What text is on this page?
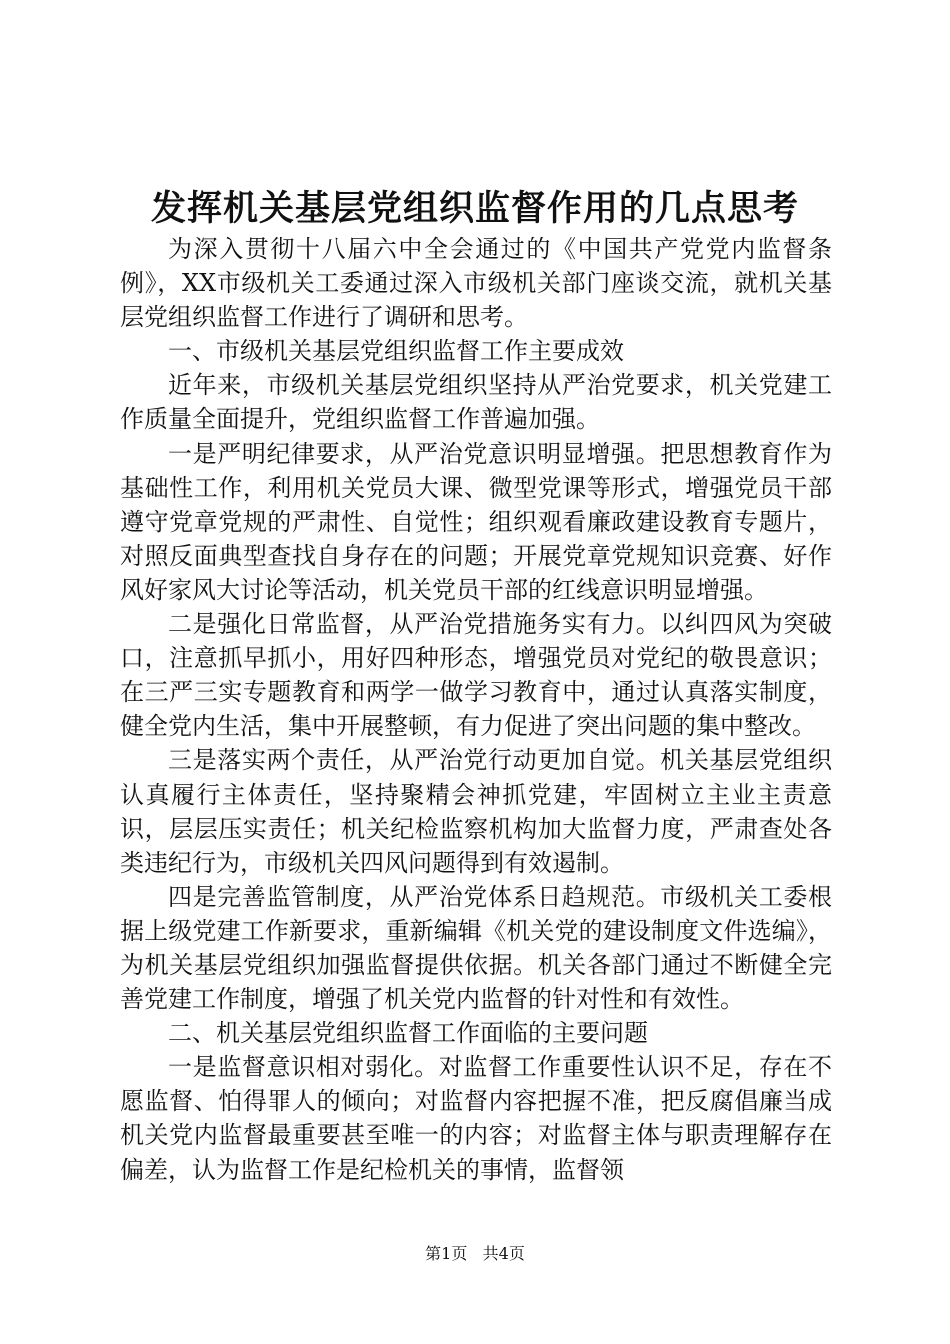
发挥机关基层党组织监督作用的几点思考

为深入贯彻十八届六中全会通过的《中国共产党党内监督条例》，XX市级机关工委通过深入市级机关部门座谈交流，就机关基层党组织监督工作进行了调研和思考。

一、市级机关基层党组织监督工作主要成效

近年来，市级机关基层党组织坚持从严治党要求，机关党建工作质量全面提升，党组织监督工作普遍加强。

一是严明纪律要求，从严治党意识明显增强。把思想教育作为基础性工作，利用机关党员大课、微型党课等形式，增强党员干部遵守党章党规的严肃性、自觉性；组织观看廉政建设教育专题片，对照反面典型查找自身存在的问题；开展党章党规知识竞赛、好作风好家风大讨论等活动，机关党员干部的红线意识明显增强。

二是强化日常监督，从严治党措施务实有力。以纠四风为突破口，注意抓早抓小，用好四种形态，增强党员对党纪的敬畏意识；在三严三实专题教育和两学一做学习教育中，通过认真落实制度，健全党内生活，集中开展整顿，有力促进了突出问题的集中整改。

三是落实两个责任，从严治党行动更加自觉。机关基层党组织认真履行主体责任，坚持聚精会神抓党建，牢固树立主业主责意识，层层压实责任；机关纪检监察机构加大监督力度，严肃查处各类违纪行为，市级机关四风问题得到有效遏制。

四是完善监管制度，从严治党体系日趋规范。市级机关工委根据上级党建工作新要求，重新编辑《机关党的建设制度文件选编》，为机关基层党组织加强监督提供依据。机关各部门通过不断健全完善党建工作制度，增强了机关党内监督的针对性和有效性。

二、机关基层党组织监督工作面临的主要问题

一是监督意识相对弱化。对监督工作重要性认识不足，存在不愿监督、怕得罪人的倾向；对监督内容把握不准，把反腐倡廉当成机关党内监督最重要甚至唯一的内容；对监督主体与职责理解存在偏差，认为监督工作是纪检机关的事情，监督领

第1页 共4页
